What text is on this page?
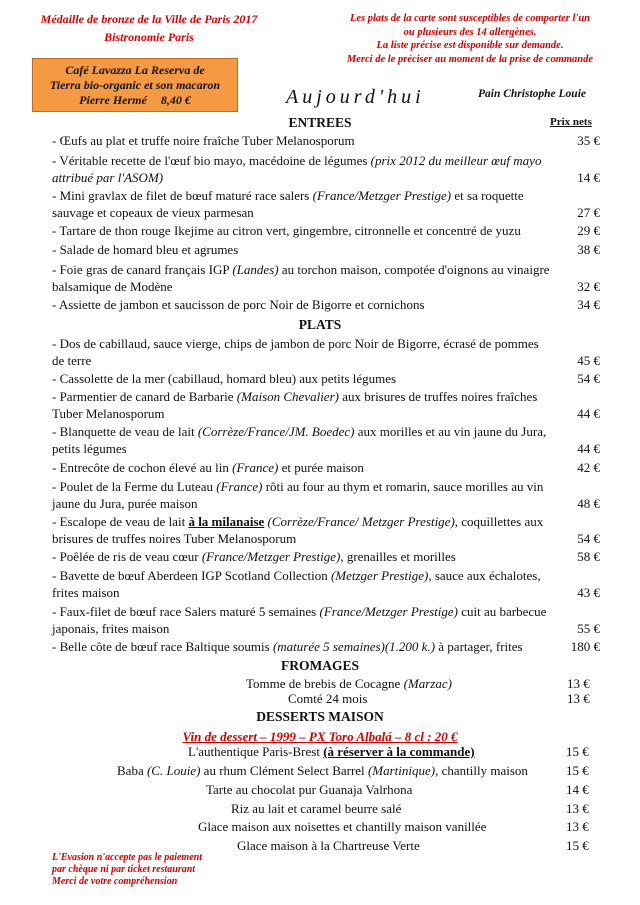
Médaille de bronze de la Ville de Paris 2017
Bistronomie Paris
Les plats de la carte sont susceptibles de comporter l'un
ou plusieurs des 14 allergènes.
La liste précise est disponible sur demande.
Merci de le préciser au moment de la prise de commande
Café Lavazza La Reserva de
Tierra bio-organic et son macaron
Pierre Hermé 8,40 €	Aujourd'hui	Pain Christophe Louie
ENTREES	Prix nets
- Œufs au plat et truffe noire fraîche Tuber Melanosporum	35 €
- Véritable recette de l'œuf bio mayo, macédoine de légumes (prix 2012 du meilleur œuf mayo attribué par l'ASOM)	14 €
- Mini gravlax de filet de bœuf maturé race salers (France/Metzger Prestige) et sa roquette sauvage et copeaux de vieux parmesan	27 €
- Tartare de thon rouge Ikejime au citron vert, gingembre, citronnelle et concentré de yuzu	29 €
- Salade de homard bleu et agrumes	38 €
- Foie gras de canard français IGP (Landes) au torchon maison, compotée d'oignons au vinaigre balsamique de Modène	32 €
- Assiette de jambon et saucisson de porc Noir de Bigorre et cornichons	34 €
PLATS
- Dos de cabillaud, sauce vierge, chips de jambon de porc Noir de Bigorre, écrasé de pommes de terre	45 €
- Cassolette de la mer (cabillaud, homard bleu) aux petits légumes	54 €
- Parmentier de canard de Barbarie (Maison Chevalier) aux brisures de truffes noires fraîches Tuber Melanosporum	44 €
- Blanquette de veau de lait (Corrèze/France/JM. Boedec) aux morilles et au vin jaune du Jura, petits légumes	44 €
- Entrecôte de cochon élevé au lin (France) et purée maison	42 €
- Poulet de la Ferme du Luteau (France) rôti au four au thym et romarin, sauce morilles au vin jaune du Jura, purée maison	48 €
- Escalope de veau de lait à la milanaise (Corrèze/France/ Metzger Prestige), coquillettes aux brisures de truffes noires Tuber Melanosporum	54 €
- Poêlée de ris de veau cœur (France/Metzger Prestige), grenailles et morilles	58 €
- Bavette de bœuf Aberdeen IGP Scotland Collection (Metzger Prestige), sauce aux échalotes, frites maison	43 €
- Faux-filet de bœuf race Salers maturé 5 semaines (France/Metzger Prestige) cuit au barbecue japonais, frites maison	55 €
- Belle côte de bœuf race Baltique soumis (maturée 5 semaines)(1.200 k.) à partager, frites	180 €
FROMAGES
Tomme de brebis de Cocagne (Marzac)	13 €
Comté 24 mois	13 €
DESSERTS MAISON
Vin de dessert – 1999 – PX Toro Albalá – 8 cl : 20 €
L'authentique Paris-Brest (à réserver à la commande)	15 €
Baba (C. Louie) au rhum Clément Select Barrel (Martinique), chantilly maison	15 €
Tarte au chocolat pur Guanaja Valrhona	14 €
Riz au lait et caramel beurre salé	13 €
Glace maison aux noisettes et chantilly maison vanillée	13 €
Glace maison à la Chartreuse Verte	15 €
L'Evasion n'accepte pas le paiement
par chèque ni par ticket restaurant
Merci de votre compréhension
